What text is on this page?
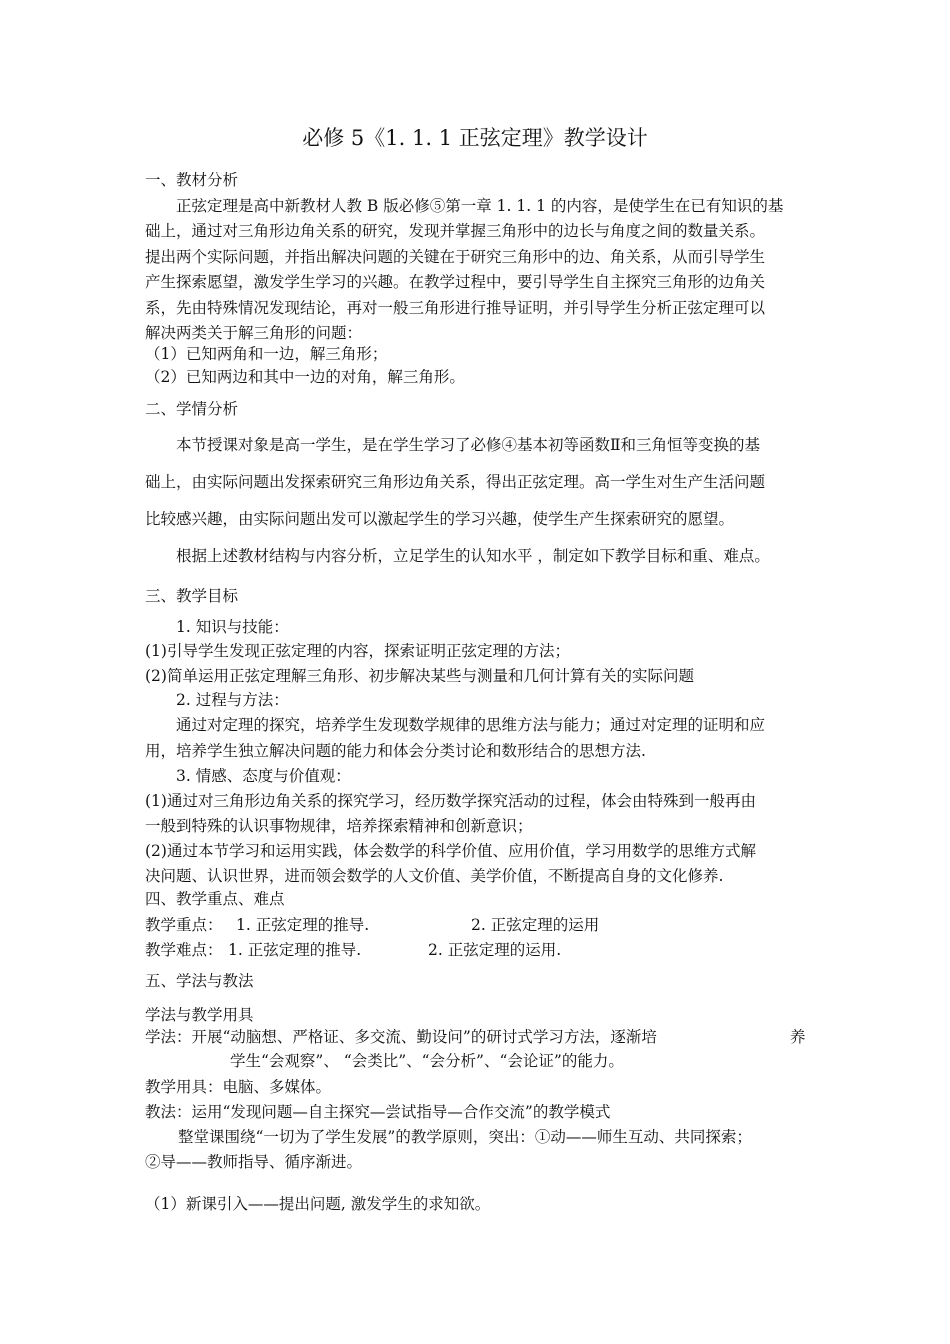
必修 5《1. 1. 1 正弦定理》教学设计
一、教材分析
正弦定理是高中新教材人教 B 版必修⑤第一章 1. 1. 1 的内容，是使学生在已有知识的基
础上，通过对三角形边角关系的研究，发现并掌握三角形中的边长与角度之间的数量关系。
提出两个实际问题，并指出解决问题的关键在于研究三角形中的边、角关系，从而引导学生
产生探索愿望，激发学生学习的兴趣。在教学过程中，要引导学生自主探究三角形的边角关
系，先由特殊情况发现结论，再对一般三角形进行推导证明，并引导学生分析正弦定理可以
解决两类关于解三角形的问题：
（1）已知两角和一边，解三角形；
（2）已知两边和其中一边的对角，解三角形。
二、学情分析
本节授课对象是高一学生，是在学生学习了必修④基本初等函数Ⅱ和三角恒等变换的基
础上，由实际问题出发探索研究三角形边角关系，得出正弦定理。高一学生对生产生活问题
比较感兴趣，由实际问题出发可以激起学生的学习兴趣，使学生产生探索研究的愿望。
根据上述教材结构与内容分析，立足学生的认知水平 ，制定如下教学目标和重、难点。
三、教学目标
1. 知识与技能：
(1)引导学生发现正弦定理的内容，探索证明正弦定理的方法；
(2)简单运用正弦定理解三角形、初步解决某些与测量和几何计算有关的实际问题
2. 过程与方法：
通过对定理的探究，培养学生发现数学规律的思维方法与能力；通过对定理的证明和应
用，培养学生独立解决问题的能力和体会分类讨论和数形结合的思想方法.
3. 情感、态度与价值观：
(1)通过对三角形边角关系的探究学习，经历数学探究活动的过程，体会由特殊到一般再由
一般到特殊的认识事物规律，培养探索精神和创新意识；
(2)通过本节学习和运用实践，体会数学的科学价值、应用价值，学习用数学的思维方式解
决问题、认识世界，进而领会数学的人文价值、美学价值，不断提高自身的文化修养.
四、教学重点、难点
教学重点： 1. 正弦定理的推导.	2. 正弦定理的运用
教学难点： 1. 正弦定理的推导.	2. 正弦定理的运用.
五、学法与教法
学法与教学用具
学法：开展“动脑想、严格证、多交流、勤设问”的研讨式学习方法，逐渐培	养
学生“会观察”、 “会类比”、“会分析”、“会论证”的能力。
教学用具：电脑、多媒体。
教法：运用“发现问题—自主探究—尝试指导—合作交流”的教学模式
整堂课围绕“一切为了学生发展”的教学原则，突出：①动——师生互动、共同探索；
②导——教师指导、循序渐进。
（1）新课引入——提出问题, 激发学生的求知欲。
